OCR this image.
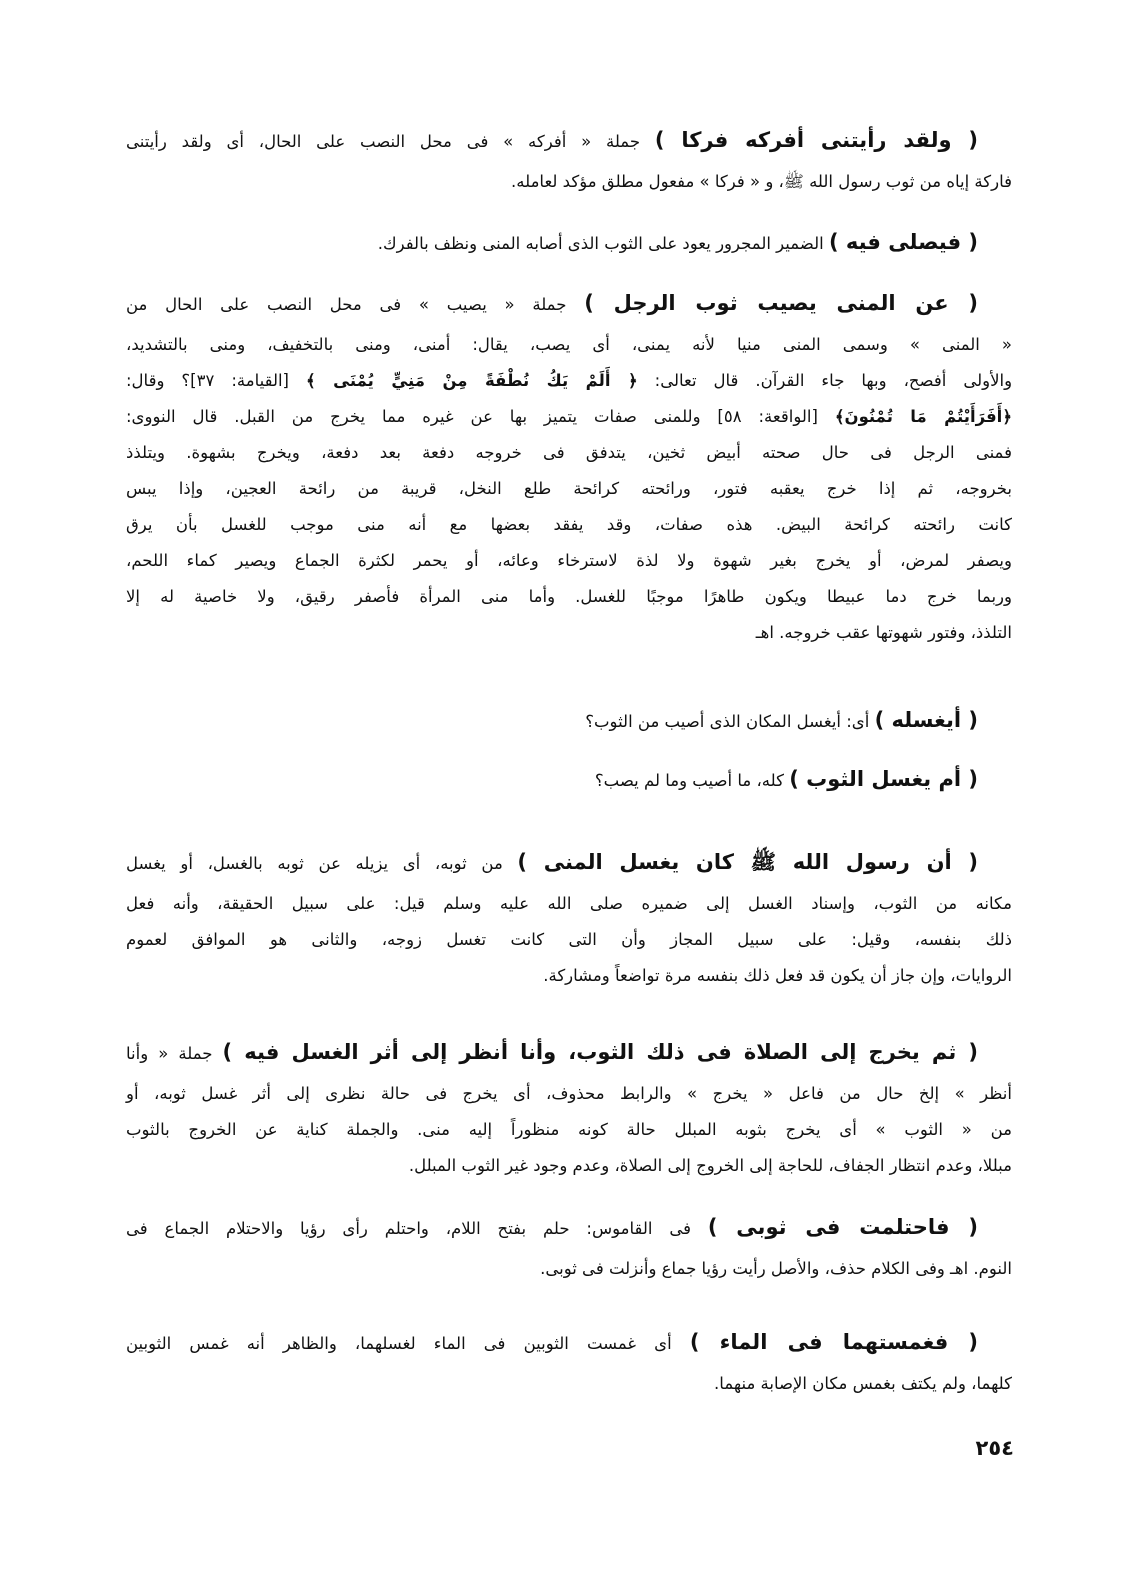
( ولقد رأيتنى أفركه فركا ) جملة « أفركه » فى محل النصب على الحال، أى ولقد رأيتنى
فاركة إياه من ثوب رسول الله ﷺ، و « فركا » مفعول مطلق مؤكد لعامله.
( فيصلى فيه ) الضمير المجرور يعود على الثوب الذى أصابه المنى ونظف بالفرك.
( عن المنى يصيب ثوب الرجل ) جملة « يصيب » فى محل النصب على الحال من
« المنى » وسمى المنى منيا لأنه يمنى، أى يصب، يقال: أمنى، ومنى بالتخفيف، ومنى بالتشديد،
والأولى أفصح، وبها جاء القرآن. قال تعالى: ﴿ أَلَمْ يَكُ نُطْفَةً مِنْ مَنِيٍّ يُمْنَى ﴾ [القيامة: ٣٧]؟ وقال:
﴿أَفَرَأَيْتُمْ مَا تُمْنُونَ﴾ [الواقعة: ٥٨] وللمنى صفات يتميز بها عن غيره مما يخرج من القبل. قال النووى:
فمنى الرجل فى حال صحته أبيض ثخين، يتدفق فى خروجه دفعة بعد دفعة، ويخرج بشهوة. ويتلذذ
بخروجه، ثم إذا خرج يعقبه فتور، ورائحته كرائحة طلع النخل، قريبة من رائحة العجين، وإذا يبس
كانت رائحته كرائحة البيض. هذه صفات، وقد يفقد بعضها مع أنه منى موجب للغسل بأن يرق
ويصفر لمرض، أو يخرج بغير شهوة ولا لذة لاسترخاء وعائه، أو يحمر لكثرة الجماع ويصير كماء اللحم،
وربما خرج دما عبيطا ويكون طاهرًا موجبًا للغسل. وأما منى المرأة فأصفر رقيق، ولا خاصية له إلا
التلذذ، وفتور شهوتها عقب خروجه. اهـ
( أيغسله ) أى: أيغسل المكان الذى أصيب من الثوب؟
( أم يغسل الثوب ) كله، ما أصيب وما لم يصب؟
( أن رسول الله ﷺ كان يغسل المنى ) من ثوبه، أى يزيله عن ثوبه بالغسل، أو يغسل
مكانه من الثوب، وإسناد الغسل إلى ضميره صلى الله عليه وسلم قيل: على سبيل الحقيقة، وأنه فعل
ذلك بنفسه، وقيل: على سبيل المجاز وأن التى كانت تغسل زوجه، والثانى هو الموافق لعموم
الروايات، وإن جاز أن يكون قد فعل ذلك بنفسه مرة تواضعاً ومشاركة.
( ثم يخرج إلى الصلاة فى ذلك الثوب، وأنا أنظر إلى أثر الغسل فيه ) جملة « وأنا
أنظر » إلخ حال من فاعل « يخرج » والرابط محذوف، أى يخرج فى حالة نظرى إلى أثر غسل ثوبه، أو
من « الثوب » أى يخرج بثوبه المبلل حالة كونه منظوراً إليه منى. والجملة كناية عن الخروج بالثوب
مبللا، وعدم انتظار الجفاف، للحاجة إلى الخروج إلى الصلاة، وعدم وجود غير الثوب المبلل.
( فاحتلمت فى ثوبى ) فى القاموس: حلم بفتح اللام، واحتلم رأى رؤيا والاحتلام الجماع فى
النوم. اهـ وفى الكلام حذف، والأصل رأيت رؤيا جماع وأنزلت فى ثوبى.
( فغمستهما فى الماء ) أى غمست الثوبين فى الماء لغسلهما، والظاهر أنه غمس الثوبين
كلهما، ولم يكتف بغمس مكان الإصابة منهما.
٢٥٤
